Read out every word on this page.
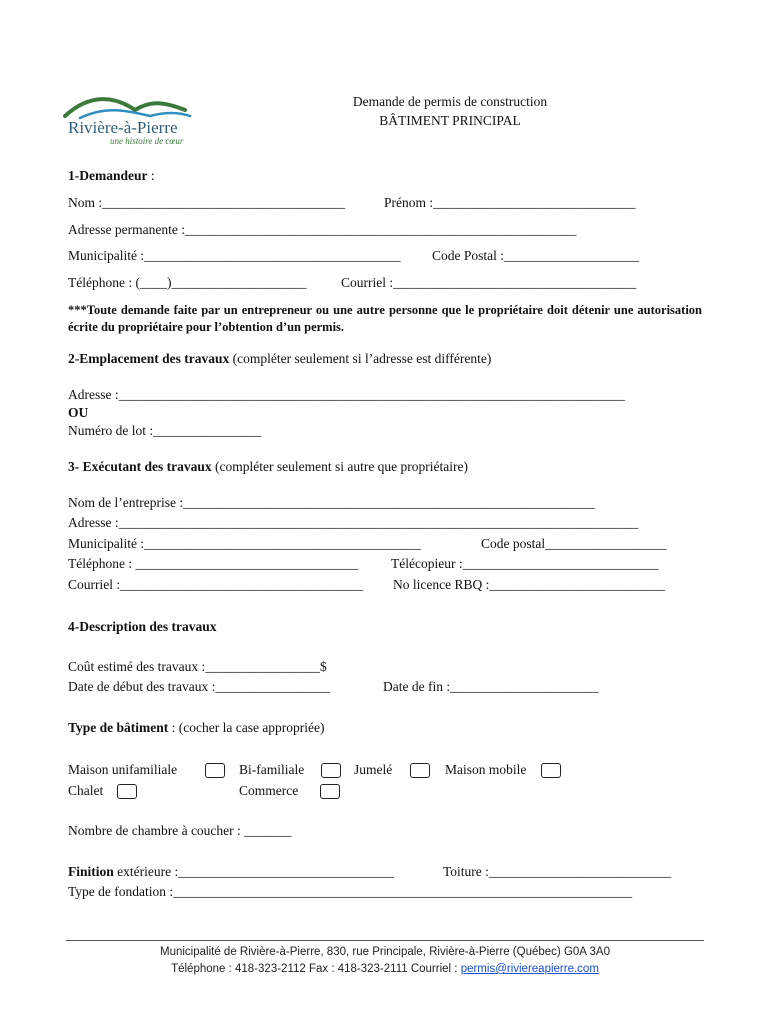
Rivière-à-Pierre
une histoire de cœur
Demande de permis de construction
BÂTIMENT PRINCIPAL
1-Demandeur :
Nom :____________________________________	Prénom :______________________________
Adresse permanente :__________________________________________________________
Municipalité :______________________________________ Code Postal :____________________
Téléphone : (____)____________________	Courriel :____________________________________
***Toute demande faite par un entrepreneur ou une autre personne que le propriétaire doit détenir une autorisation écrite du propriétaire pour l’obtention d’un permis.
2-Emplacement des travaux (compléter seulement si l’adresse est différente)
Adresse :___________________________________________________________________________
OU
Numéro de lot :________________
3- Exécutant des travaux (compléter seulement si autre que propriétaire)
Nom de l’entreprise :_____________________________________________________________
Adresse :_____________________________________________________________________________
Municipalité :_________________________________________	Code postal__________________
Téléphone : _________________________________ Télécopieur :_____________________________
Courriel :____________________________________ No licence RBQ :__________________________
4-Description des travaux
Coût estimé des travaux :_________________$
Date de début des travaux :_________________	Date de fin :______________________
Type de bâtiment : (cocher la case appropriée)
Maison unifamiliale	Bi-familiale	Jumelé	Maison mobile
Chalet	Commerce
Nombre de chambre à coucher : _______
Finition extérieure :________________________________	Toiture :___________________________
Type de fondation :____________________________________________________________________
Municipalité de Rivière-à-Pierre, 830, rue Principale, Rivière-à-Pierre (Québec) G0A 3A0
Téléphone : 418-323-2112 Fax : 418-323-2111 Courriel : permis@riviereapierre.com
